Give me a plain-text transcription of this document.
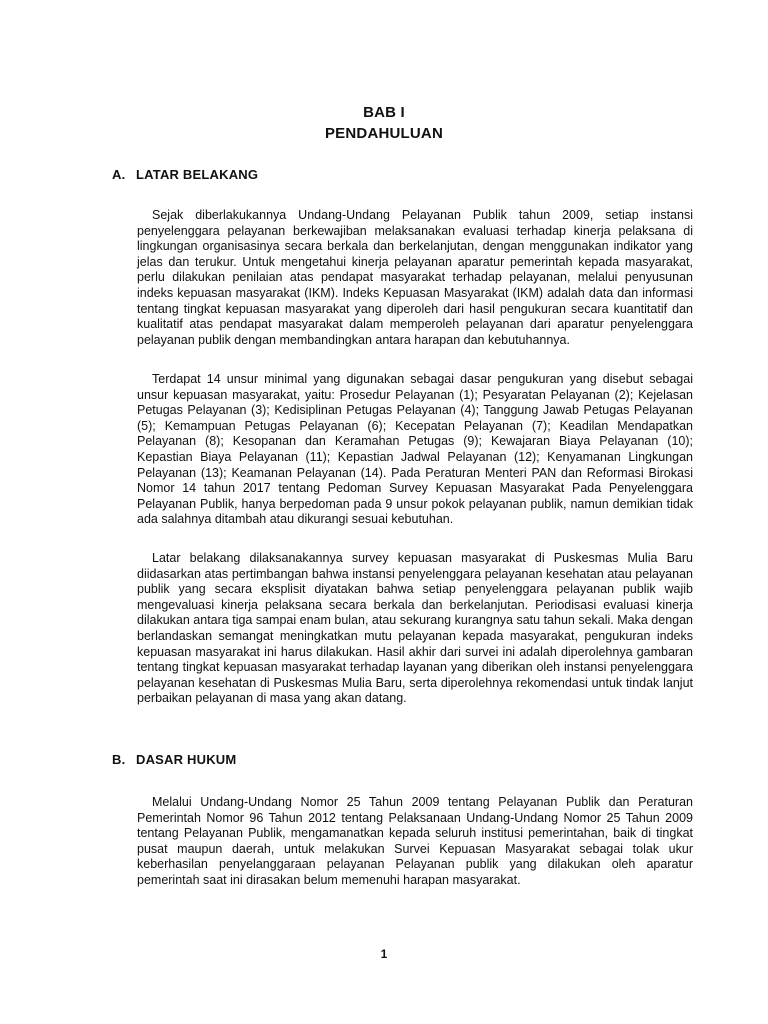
BAB I
PENDAHULUAN
A. LATAR BELAKANG

Sejak diberlakukannya Undang-Undang Pelayanan Publik tahun 2009, setiap instansi penyelenggara pelayanan berkewajiban melaksanakan evaluasi terhadap kinerja pelaksana di lingkungan organisasinya secara berkala dan berkelanjutan, dengan menggunakan indikator yang jelas dan terukur. Untuk mengetahui kinerja pelayanan aparatur pemerintah kepada masyarakat, perlu dilakukan penilaian atas pendapat masyarakat terhadap pelayanan, melalui penyusunan indeks kepuasan masyarakat (IKM). Indeks Kepuasan Masyarakat (IKM) adalah data dan informasi tentang tingkat kepuasan masyarakat yang diperoleh dari hasil pengukuran secara kuantitatif dan kualitatif atas pendapat masyarakat dalam memperoleh pelayanan dari aparatur penyelenggara pelayanan publik dengan membandingkan antara harapan dan kebutuhannya.

Terdapat 14 unsur minimal yang digunakan sebagai dasar pengukuran yang disebut sebagai unsur kepuasan masyarakat, yaitu: Prosedur Pelayanan (1); Pesyaratan Pelayanan (2); Kejelasan Petugas Pelayanan (3); Kedisiplinan Petugas Pelayanan (4); Tanggung Jawab Petugas Pelayanan (5); Kemampuan Petugas Pelayanan (6); Kecepatan Pelayanan (7); Keadilan Mendapatkan Pelayanan (8); Kesopanan dan Keramahan Petugas (9); Kewajaran Biaya Pelayanan (10); Kepastian Biaya Pelayanan (11); Kepastian Jadwal Pelayanan (12); Kenyamanan Lingkungan Pelayanan (13); Keamanan Pelayanan (14). Pada Peraturan Menteri PAN dan Reformasi Birokasi Nomor 14 tahun 2017 tentang Pedoman Survey Kepuasan Masyarakat Pada Penyelenggara Pelayanan Publik, hanya berpedoman pada 9 unsur pokok pelayanan publik, namun demikian tidak ada salahnya ditambah atau dikurangi sesuai kebutuhan.

Latar belakang dilaksanakannya survey kepuasan masyarakat di Puskesmas Mulia Baru diidasarkan atas pertimbangan bahwa instansi penyelenggara pelayanan kesehatan atau pelayanan publik yang secara eksplisit diyatakan bahwa setiap penyelenggara pelayanan publik wajib mengevaluasi kinerja pelaksana secara berkala dan berkelanjutan. Periodisasi evaluasi kinerja dilakukan antara tiga sampai enam bulan, atau sekurang kurangnya satu tahun sekali. Maka dengan berlandaskan semangat meningkatkan mutu pelayanan kepada masyarakat, pengukuran indeks kepuasan masyarakat ini harus dilakukan. Hasil akhir dari survei ini adalah diperolehnya gambaran tentang tingkat kepuasan masyarakat terhadap layanan yang diberikan oleh instansi penyelenggara pelayanan kesehatan di Puskesmas Mulia Baru, serta diperolehnya rekomendasi untuk tindak lanjut perbaikan pelayanan di masa yang akan datang.

B. DASAR HUKUM

Melalui Undang-Undang Nomor 25 Tahun 2009 tentang Pelayanan Publik dan Peraturan Pemerintah Nomor 96 Tahun 2012 tentang Pelaksanaan Undang-Undang Nomor 25 Tahun 2009 tentang Pelayanan Publik, mengamanatkan kepada seluruh institusi pemerintahan, baik di tingkat pusat maupun daerah, untuk melakukan Survei Kepuasan Masyarakat sebagai tolak ukur keberhasilan penyelanggaraan pelayanan Pelayanan publik yang dilakukan oleh aparatur pemerintah saat ini dirasakan belum memenuhi harapan masyarakat.

1
